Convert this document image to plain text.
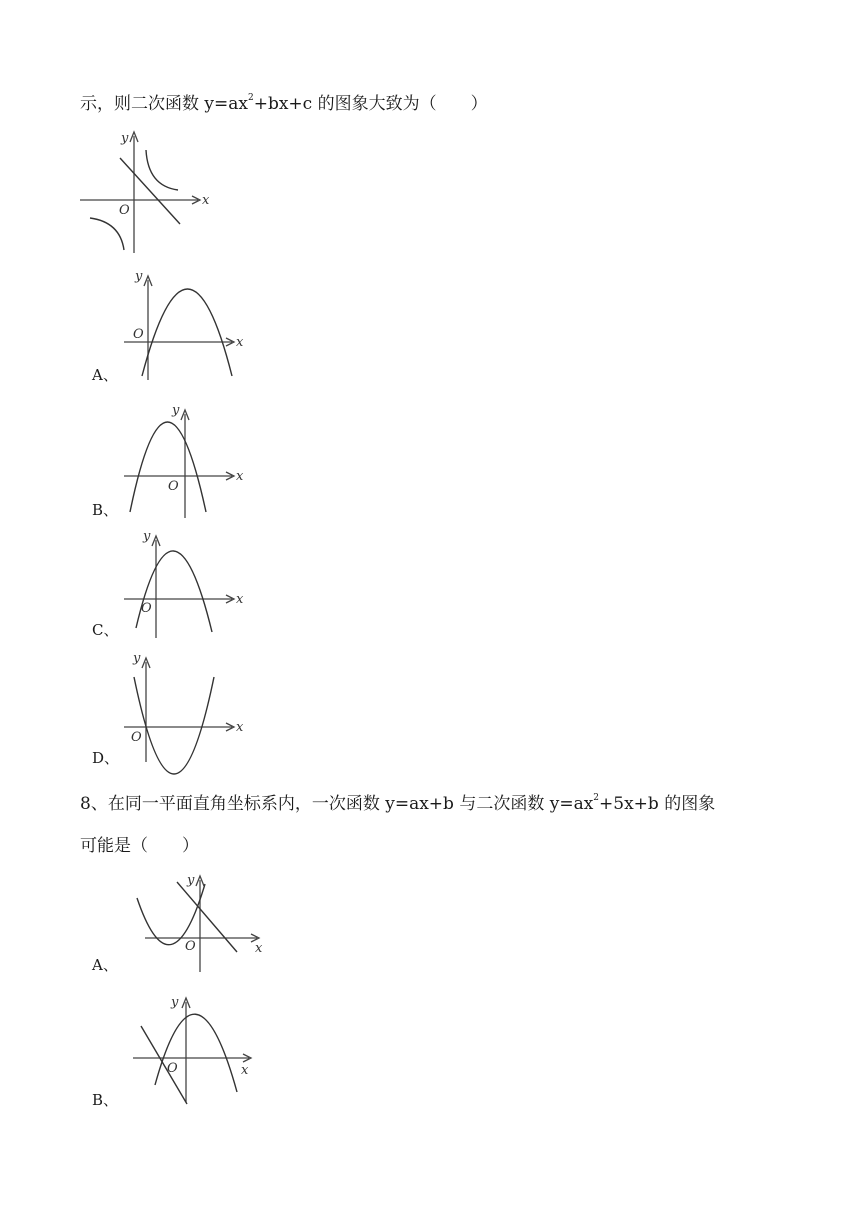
示，则二次函数 $y=ax^2+bx+c$ 的图象大致为（　　）
x
y
O
A、
x
y
O
B、
x
y
O
C、
x
y
O
D、
x
y
O
8、在同一平面直角坐标系内，一次函数 y=ax+b 与二次函数 $y=ax^2+5x+b$ 的图象
可能是（　　）
A、
x
y
O
B、
x
y
O
